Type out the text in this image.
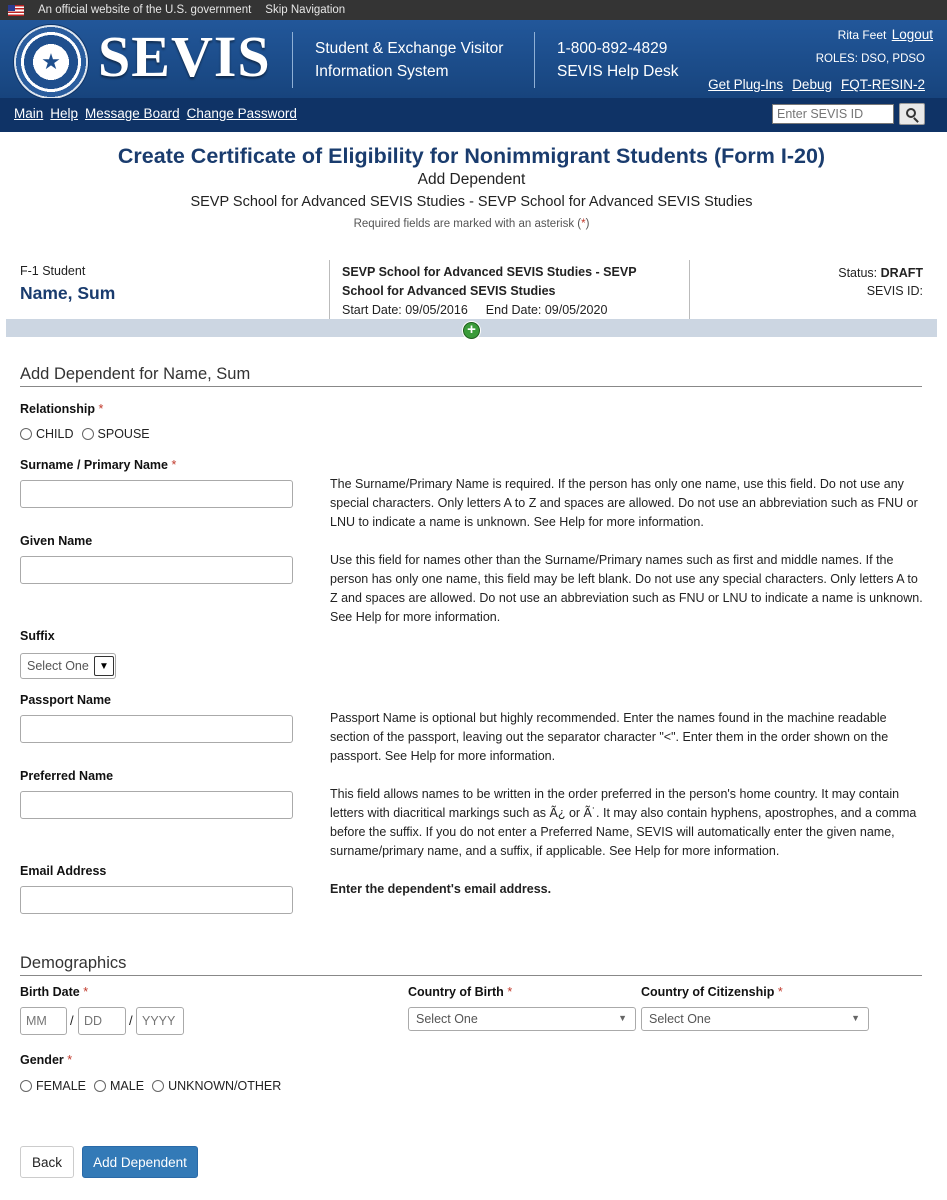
An official website of the U.S. government Skip Navigation
★
SEVIS	Student & Exchange Visitor
Information System
1-800-892-4829
SEVIS Help Desk
Rita Feet Logout
ROLES: DSO, PDSO
Get Plug-Ins Debug FQT-RESIN-2
Main Help Message Board Change Password
Enter SEVIS ID
Create Certificate of Eligibility for Nonimmigrant Students (Form I-20)
Add Dependent
SEVP School for Advanced SEVIS Studies - SEVP School for Advanced SEVIS Studies
Required fields are marked with an asterisk (*)
F-1 Student
Name, Sum
SEVP School for Advanced SEVIS Studies - SEVP
School for Advanced SEVIS Studies
Start Date: 09/05/2016 End Date: 09/05/2020
Status: DRAFT
SEVIS ID:
+
Add Dependent for Name, Sum
Relationship *
CHILD SPOUSE
Surname / Primary Name *
The Surname/Primary Name is required. If the person has only one name, use this field. Do not use any special characters. Only letters A to Z and spaces are allowed. Do not use an abbreviation such as FNU or LNU to indicate a name is unknown. See Help for more information.
Given Name
Use this field for names other than the Surname/Primary names such as first and middle names. If the person has only one name, this field may be left blank. Do not use any special characters. Only letters A to Z and spaces are allowed. Do not use an abbreviation such as FNU or LNU to indicate a name is unknown. See Help for more information.
Suffix
Select One	▼
Passport Name
Passport Name is optional but highly recommended. Enter the names found in the machine readable section of the passport, leaving out the separator character "<". Enter them in the order shown on the passport. See Help for more information.
Preferred Name
This field allows names to be written in the order preferred in the person's home country. It may contain letters with diacritical markings such as Ã¿ or Ã˙. It may also contain hyphens, apostrophes, and a comma before the suffix. If you do not enter a Preferred Name, SEVIS will automatically enter the given name, surname/primary name, and a suffix, if applicable. See Help for more information.
Email Address
Enter the dependent's email address.
Demographics
Birth Date *
MM
/
DD	/
YYYY
Country of Birth *
Select One	▼
Country of Citizenship *
Select One	▼
Gender *
FEMALE MALE UNKNOWN/OTHER
Back	Add Dependent
